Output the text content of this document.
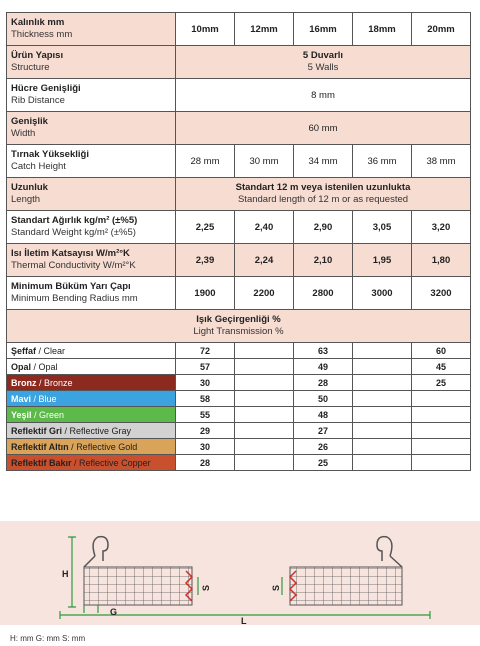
Kalınlık mm
Thickness mm	10mm	12mm	16mm	18mm	20mm

Ürün Yapısı
Structure	5 Duvarlı
5 Walls				

Hücre Genişliği
Rib Distance	8 mm				

Genişlik
Width	60 mm				

Tırnak Yüksekliği
Catch Height	28 mm	30 mm	34 mm	36 mm	38 mm

Uzunluk
Length	Standart 12 m veya istenilen uzunlukta
Standard length of 12 m or as requested				

Standart Ağırlık kg/m² (±%5)
Standard Weight kg/m² (±%5)	2,25	2,40	2,90	3,05	3,20

Isı İletim Katsayısı W/m²°K
Thermal Conductivity W/m²°K	2,39	2,24	2,10	1,95	1,80

Minimum Büküm Yarı Çapı
Minimum Bending Radius mm	1900	2200	2800	3000	3200

Işık Geçirgenliği %
Light Transmission %					

Şeffaf / Clear	72		63		60
Opal / Opal	57		49		45
Bronz / Bronze	30		28		25
Mavi / Blue	58		50		
Yeşil / Green	55		48		
Reflektif Gri / Reflective Gray	29		27		
Reflektif Altın / Reflective Gold	30		26		
Reflektif Bakır / Reflective Copper	28		25		
H
G
S	S
L
H: mm G: mm S: mm
